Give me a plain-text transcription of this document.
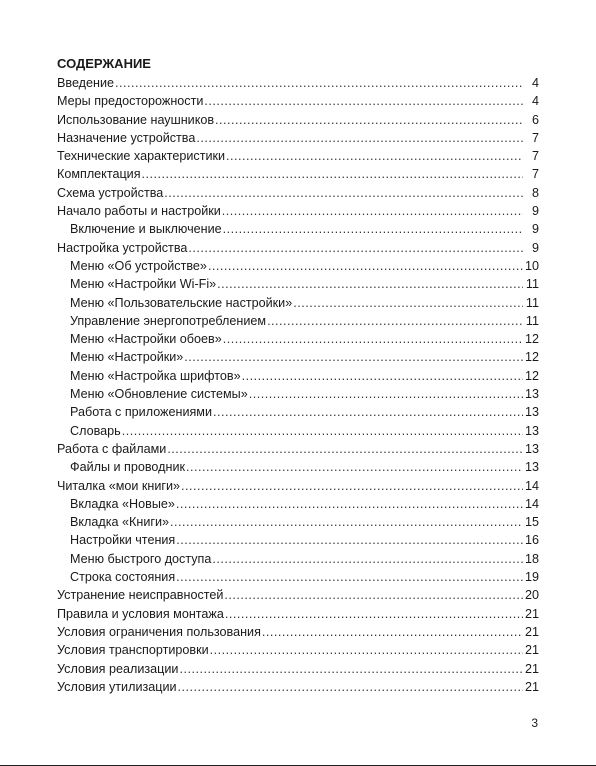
СОДЕРЖАНИЕ
Введение .....	4
Меры предосторожности .....	4
Использование наушников .....	6
Назначение устройства .....	7
Технические характеристики .....	7
Комплектация .....	7
Схема устройства .....	8
Начало работы и настройки .....	9
Включение и выключение .....	9
Настройка устройства .....	9
Меню «Об устройстве» .....	10
Меню «Настройки Wi-Fi» .....	11
Меню «Пользовательские настройки» .....	11
Управление энергопотреблением .....	11
Меню «Настройки обоев» .....	12
Меню «Настройки» .....	12
Меню «Настройка шрифтов» .....	12
Меню «Обновление системы» .....	13
Работа с приложениями .....	13
Словарь .....	13
Работа с файлами .....	13
Файлы и проводник .....	13
Читалка «мои книги» .....	14
Вкладка «Новые» .....	14
Вкладка «Книги» .....	15
Настройки чтения .....	16
Меню быстрого доступа .....	18
Строка состояния .....	19
Устранение неисправностей .....	20
Правила и условия монтажа .....	21
Условия ограничения пользования .....	21
Условия транспортировки .....	21
Условия реализации .....	21
Условия утилизации .....	21
3
